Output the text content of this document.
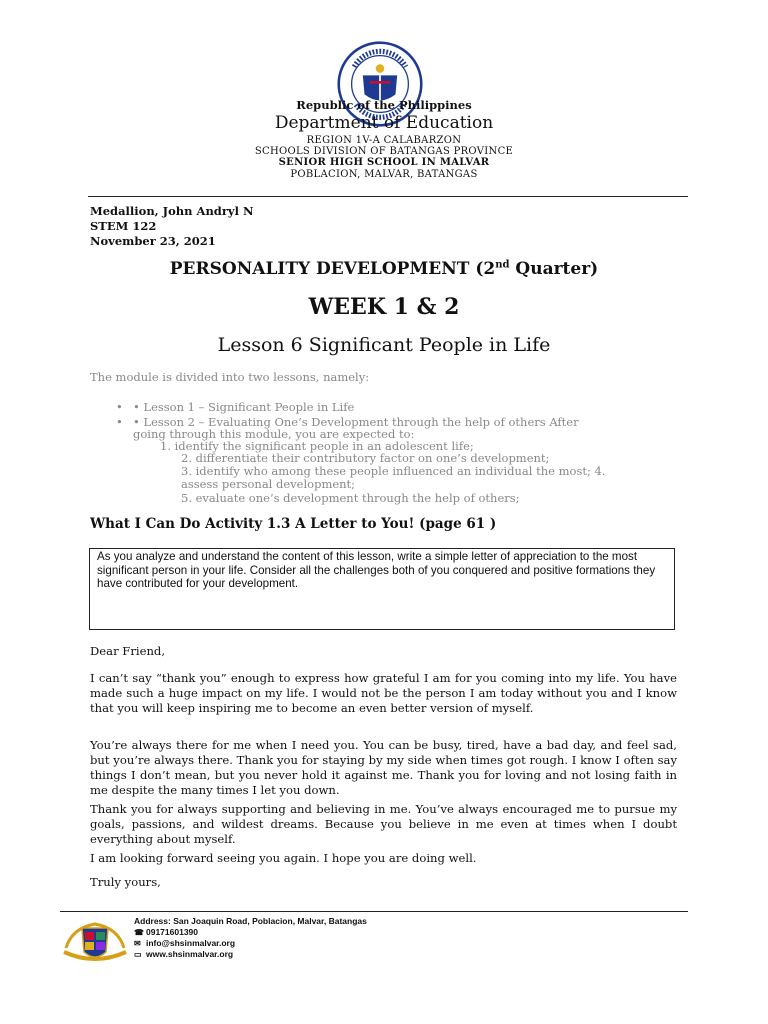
Republic of the Philippines
Department of Education
REGION 1V-A CALABARZON
SCHOOLS DIVISION OF BATANGAS PROVINCE
SENIOR HIGH SCHOOL IN MALVAR
POBLACION, MALVAR, BATANGAS
Medallion, John Andryl N
STEM 122
November 23, 2021
PERSONALITY DEVELOPMENT (2nd Quarter)
WEEK 1 & 2
Lesson 6 Significant People in Life
The module is divided into two lessons, namely:
• • Lesson 1 – Significant People in Life
• • Lesson 2 – Evaluating One’s Development through the help of others After
going through this module, you are expected to:
1. identify the significant people in an adolescent life;
2. differentiate their contributory factor on one’s development;
3. identify who among these people influenced an individual the most; 4.
assess personal development;
5. evaluate one’s development through the help of others;
What I Can Do Activity 1.3 A Letter to You! (page 61 )
As you analyze and understand the content of this lesson, write a simple letter of appreciation to the most significant person in your life. Consider all the challenges both of you conquered and positive formations they have contributed for your development.
Dear Friend,
I can’t say “thank you” enough to express how grateful I am for you coming into my life. You have made such a huge impact on my life. I would not be the person I am today without you and I know that you will keep inspiring me to become an even better version of myself.
You’re always there for me when I need you. You can be busy, tired, have a bad day, and feel sad, but you’re always there. Thank you for staying by my side when times got rough. I know I often say things I don’t mean, but you never hold it against me. Thank you for loving and not losing faith in me despite the many times I let you down.
Thank you for always supporting and believing in me. You’ve always encouraged me to pursue my goals, passions, and wildest dreams. Because you believe in me even at times when I doubt everything about myself.
I am looking forward seeing you again. I hope you are doing well.
Truly yours,
Address: San Joaquin Road, Poblacion, Malvar, Batangas
☎ 09171601390
✉ info@shsinmalvar.org
▭ www.shsinmalvar.org
